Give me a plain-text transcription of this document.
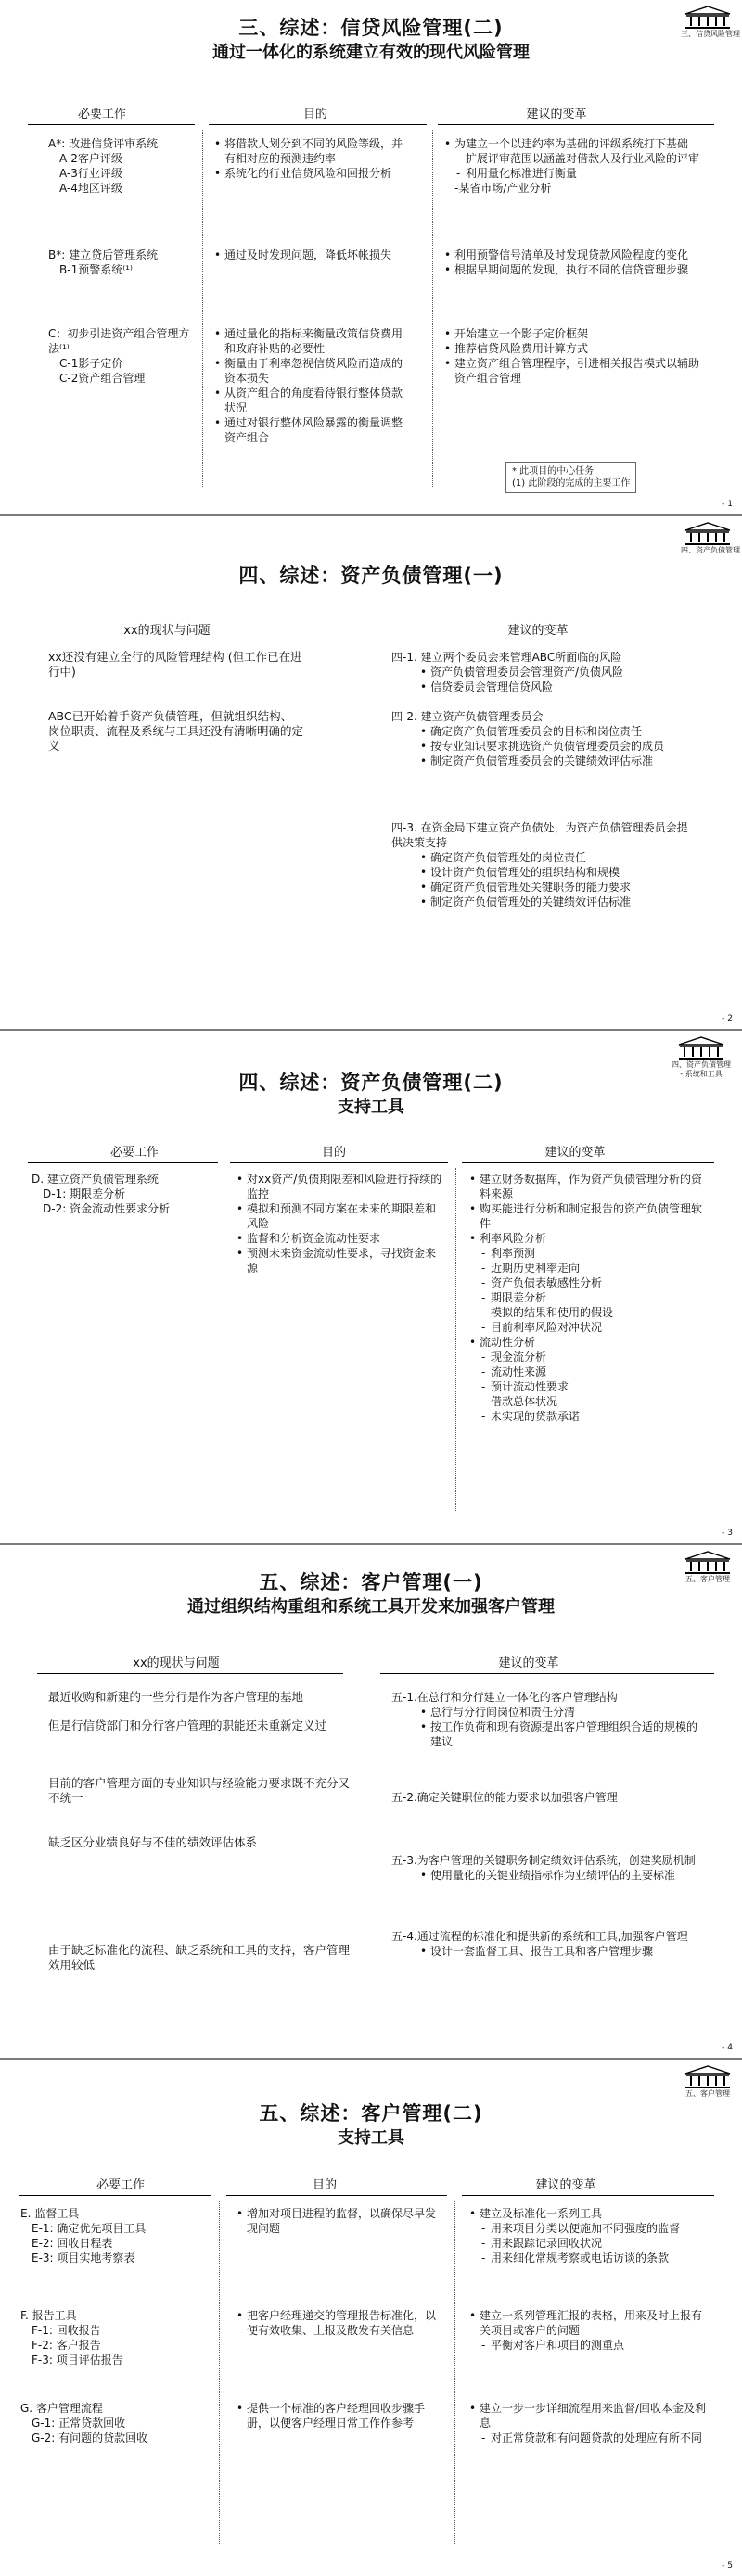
三、信贷风险管理
三、综述：信贷风险管理(二)
通过一体化的系统建立有效的现代风险管理
必要工作	目的	建议的变革
A*: 改进信贷评审系统
A-2客户评级
A-3行业评级
A-4地区评级
• 将借款人划分到不同的风险等级，并有相对应的预测违约率
• 系统化的行业信贷风险和回报分析
• 为建立一个以违约率为基础的评级系统打下基础
- 扩展评审范围以涵盖对借款人及行业风险的评审
- 利用量化标准进行衡量
-某省市场/产业分析
B*: 建立贷后管理系统
B-1预警系统⁽¹⁾
• 通过及时发现问题，降低坏帐损失
•	利用预警信号清单及时发现贷款风险程度的变化
• 根据早期问题的发现，执行不同的信贷管理步骤
C：初步引进资产组合管理方法⁽¹⁾
C-1影子定价
C-2资产组合管理
• 通过量化的指标来衡量政策信贷费用和政府补贴的必要性
• 衡量由于利率忽视信贷风险而造成的资本损失
• 从资产组合的角度看待银行整体贷款状况
• 通过对银行整体风险暴露的衡量调整资产组合
• 开始建立一个影子定价框架
• 推荐信贷风险费用计算方式
• 建立资产组合管理程序，引进相关报告模式以辅助资产组合管理
* 此项目的中心任务
(1) 此阶段的完成的主要工作
- 1
四、资产负债管理
四、综述：资产负债管理(一)
xx的现状与问题	建议的变革
xx还没有建立全行的风险管理结构 (但工作已在进行中)
ABC已开始着手资产负债管理，但就组织结构、岗位职责、流程及系统与工具还没有清晰明确的定义
四-1. 建立两个委员会来管理ABC所面临的风险
• 资产负债管理委员会管理资产/负债风险
• 信贷委员会管理信贷风险
四-2. 建立资产负债管理委员会
• 确定资产负债管理委员会的目标和岗位责任
• 按专业知识要求挑选资产负债管理委员会的成员
• 制定资产负债管理委员会的关键绩效评估标准
四-3. 在资金局下建立资产负债处，为资产负债管理委员会提供决策支持
• 确定资产负债管理处的岗位责任
• 设计资产负债管理处的组织结构和规模
• 确定资产负债管理处关键职务的能力要求
• 制定资产负债管理处的关键绩效评估标准
- 2
四、资产负债管理
- 系统和工具
四、综述：资产负债管理(二)
支持工具
必要工作	目的	建议的变革
D. 建立资产负债管理系统
D-1: 期限差分析
D-2: 资金流动性要求分析
• 对xx资产/负债期限差和风险进行持续的监控
• 模拟和预测不同方案在未来的期限差和风险
• 监督和分析资金流动性要求
• 预测未来资金流动性要求，寻找资金来源
• 建立财务数据库，作为资产负债管理分析的资料来源
• 购买能进行分析和制定报告的资产负债管理软件
• 利率风险分析
- 利率预测
- 近期历史利率走向
- 资产负债表敏感性分析
- 期限差分析
- 模拟的结果和使用的假设
- 目前利率风险对冲状况
• 流动性分析
- 现金流分析
- 流动性来源
- 预计流动性要求
- 借款总体状况
- 未实现的贷款承诺
- 3
五、客户管理
五、综述：客户管理(一)
通过组织结构重组和系统工具开发来加强客户管理
xx的现状与问题	建议的变革
最近收购和新建的一些分行是作为客户管理的基地
但是行信贷部门和分行客户管理的职能还未重新定义过
目前的客户管理方面的专业知识与经验能力要求既不充分又不统一
缺乏区分业绩良好与不佳的绩效评估体系
由于缺乏标准化的流程、缺乏系统和工具的支持，客户管理效用较低
五-1.在总行和分行建立一体化的客户管理结构
• 总行与分行间岗位和责任分清
• 按工作负荷和现有资源提出客户管理组织合适的规模的建议
五-2.确定关键职位的能力要求以加强客户管理
五-3.为客户管理的关键职务制定绩效评估系统，创建奖励机制
• 使用量化的关键业绩指标作为业绩评估的主要标准
五-4.通过流程的标准化和提供新的系统和工具,加强客户管理
• 设计一套监督工具、报告工具和客户管理步骤
- 4
五、客户管理
五、综述：客户管理(二)
支持工具
必要工作	目的	建议的变革
E. 监督工具
E-1: 确定优先项目工具
E-2: 回收日程表
E-3: 项目实地考察表
• 增加对项目进程的监督，以确保尽早发现问题
• 建立及标准化一系列工具
- 用来项目分类以便施加不同强度的监督
- 用来跟踪记录回收状况
- 用来细化常规考察或电话访谈的条款
F. 报告工具
F-1: 回收报告
F-2: 客户报告
F-3: 项目评估报告
• 把客户经理递交的管理报告标准化，以便有效收集、上报及散发有关信息
• 建立一系列管理汇报的表格，用来及时上报有关项目或客户的问题
- 平衡对客户和项目的测重点
G. 客户管理流程
G-1: 正常贷款回收
G-2: 有问题的贷款回收
• 提供一个标准的客户经理回收步骤手册，以便客户经理日常工作作参考
• 建立一步一步详细流程用来监督/回收本金及利息
- 对正常贷款和有问题贷款的处理应有所不同
- 5
